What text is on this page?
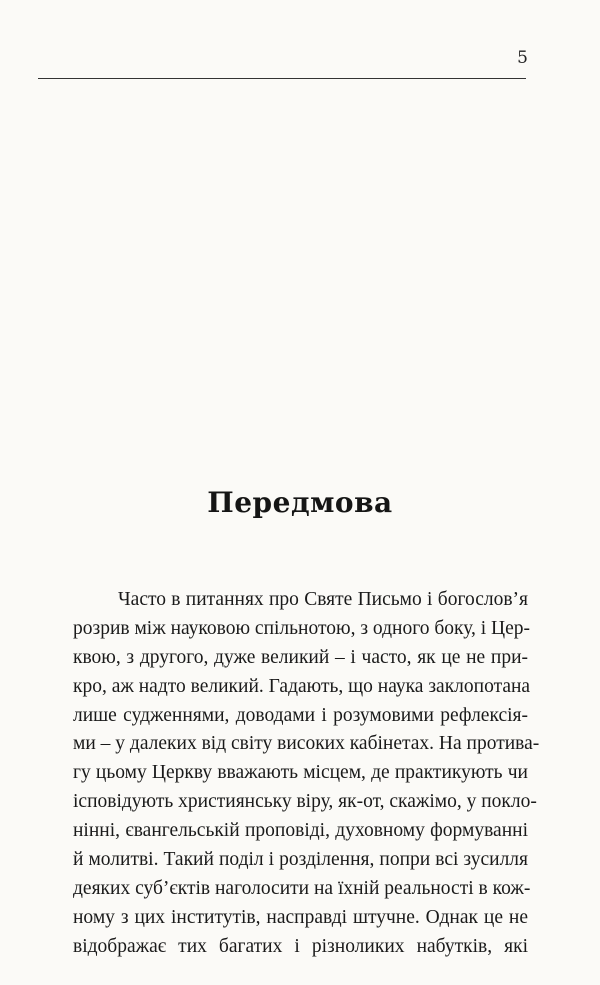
5
Передмова
Часто в питаннях про Святе Письмо і богослов’я
розрив між науковою спільнотою, з одного боку, і Цер-
квою, з другого, дуже великий – і часто, як це не при-
кро, аж надто великий. Гадають, що наука заклопотана
лише судженнями, доводами і розумовими рефлексія-
ми – у далеких від світу високих кабінетах. На протива-
гу цьому Церкву вважають місцем, де практикують чи
ісповідують християнську віру, як-от, скажімо, у покло-
нінні, євангельській проповіді, духовному формуванні
й молитві. Такий поділ і розділення, попри всі зусилля
деяких суб’єктів наголосити на їхній реальності в кож-
ному з цих інститутів, насправді штучне. Однак це не
відображає тих багатих і різноликих набутків, які
